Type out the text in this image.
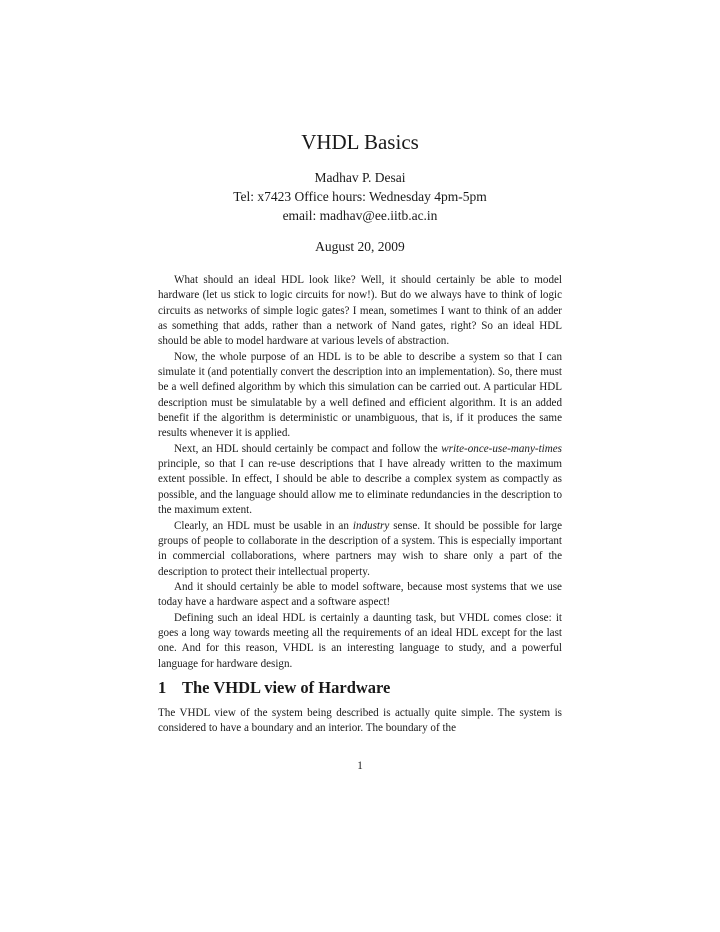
VHDL Basics

Madhav P. Desai

Tel: x7423 Office hours: Wednesday 4pm-5pm

email: madhav@ee.iitb.ac.in

August 20, 2009

What should an ideal HDL look like? Well, it should certainly be able to model hardware (let us stick to logic circuits for now!). But do we always have to think of logic circuits as networks of simple logic gates? I mean, sometimes I want to think of an adder as something that adds, rather than a network of Nand gates, right? So an ideal HDL should be able to model hardware at various levels of abstraction.

Now, the whole purpose of an HDL is to be able to describe a system so that I can simulate it (and potentially convert the description into an implementation). So, there must be a well defined algorithm by which this simulation can be carried out. A particular HDL description must be simulatable by a well defined and efficient algorithm. It is an added benefit if the algorithm is deterministic or unambiguous, that is, if it produces the same results whenever it is applied.

Next, an HDL should certainly be compact and follow the write-once-use-many-times principle, so that I can re-use descriptions that I have already written to the maximum extent possible. In effect, I should be able to describe a complex system as compactly as possible, and the language should allow me to eliminate redundancies in the description to the maximum extent.

Clearly, an HDL must be usable in an industry sense. It should be possible for large groups of people to collaborate in the description of a system. This is especially important in commercial collaborations, where partners may wish to share only a part of the description to protect their intellectual property.

And it should certainly be able to model software, because most systems that we use today have a hardware aspect and a software aspect!

Defining such an ideal HDL is certainly a daunting task, but VHDL comes close: it goes a long way towards meeting all the requirements of an ideal HDL except for the last one. And for this reason, VHDL is an interesting language to study, and a powerful language for hardware design.

1 The VHDL view of Hardware

The VHDL view of the system being described is actually quite simple. The system is considered to have a boundary and an interior. The boundary of the

1
